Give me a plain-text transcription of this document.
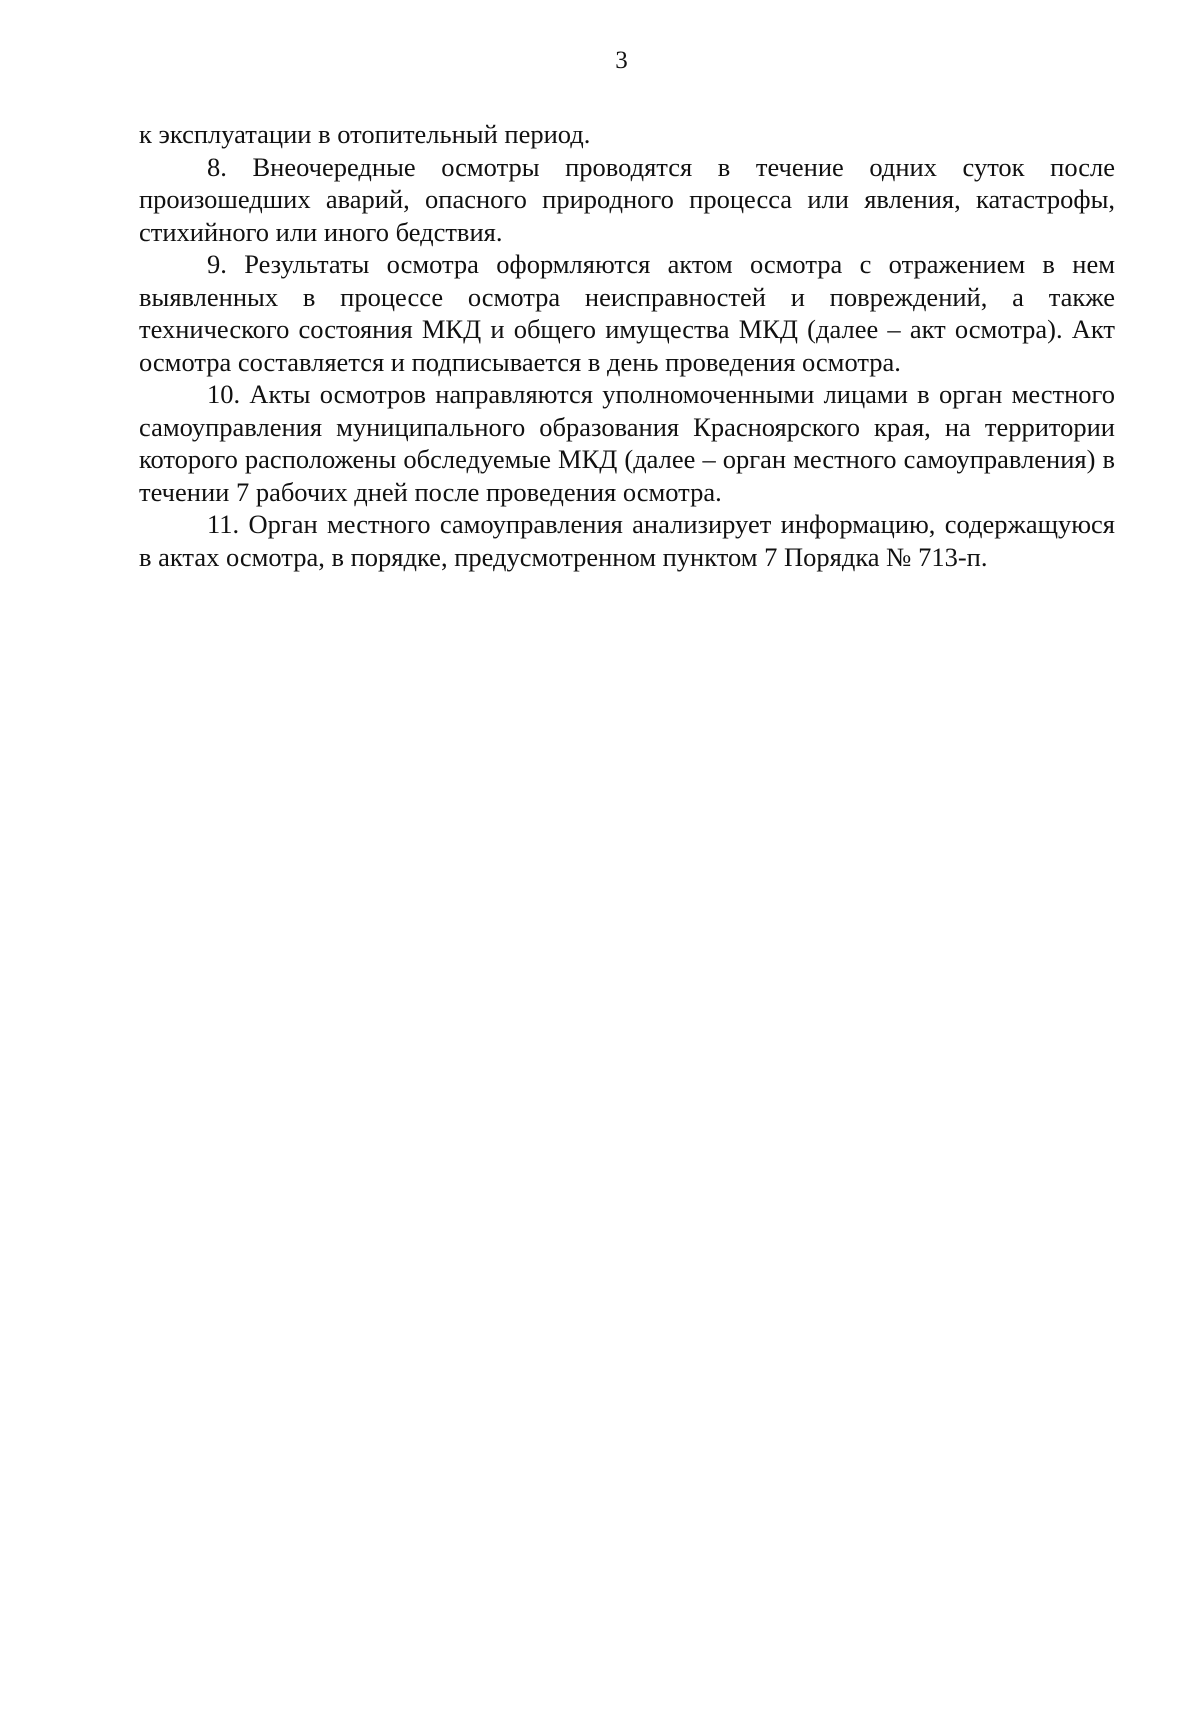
3

к эксплуатации в отопительный период.

8. Внеочередные осмотры проводятся в течение одних суток после произошедших аварий, опасного природного процесса или явления, катастрофы, стихийного или иного бедствия.

9. Результаты осмотра оформляются актом осмотра с отражением в нем выявленных в процессе осмотра неисправностей и повреждений, а также технического состояния МКД и общего имущества МКД (далее – акт осмотра). Акт осмотра составляется и подписывается в день проведения осмотра.

10. Акты осмотров направляются уполномоченными лицами в орган местного самоуправления муниципального образования Красноярского края, на территории которого расположены обследуемые МКД (далее – орган местного самоуправления) в течении 7 рабочих дней после проведения осмотра.

11. Орган местного самоуправления анализирует информацию, содержащуюся в актах осмотра, в порядке, предусмотренном пунктом 7 Порядка № 713-п.
